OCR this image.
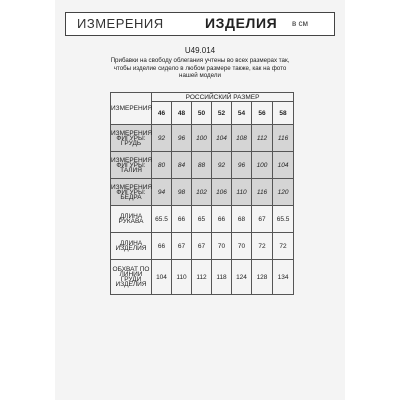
ИЗМЕРЕНИЯ	ИЗДЕЛИЯ в см
U49.014
Прибавки на свободу облегания учтены во всех размерах так,
чтобы изделие сидело в любом размере также, как на фото
нашей модели
ИЗМЕРЕНИЯ	РОССИЙСКИЙ РАЗМЕР						
	46	48	50	52	54	56	58
ИЗМЕРЕНИЯ ФИГУРЫ: ГРУДЬ	92	96	100	104	108	112	116
ИЗМЕРЕНИЯ ФИГУРЫ: ТАЛИЯ	80	84	88	92	96	100	104
ИЗМЕРЕНИЯ ФИГУРЫ: БЕДРА	94	98	102	106	110	116	120
ДЛИНА РУКАВА	65.5	66	65	66	68	67	65.5
ДЛИНА ИЗДЕЛИЯ	66	67	67	70	70	72	72
ОБХВАТ ПО ЛИНИИ ГРУДИ ИЗДЕЛИЯ	104	110	112	118	124	128	134
